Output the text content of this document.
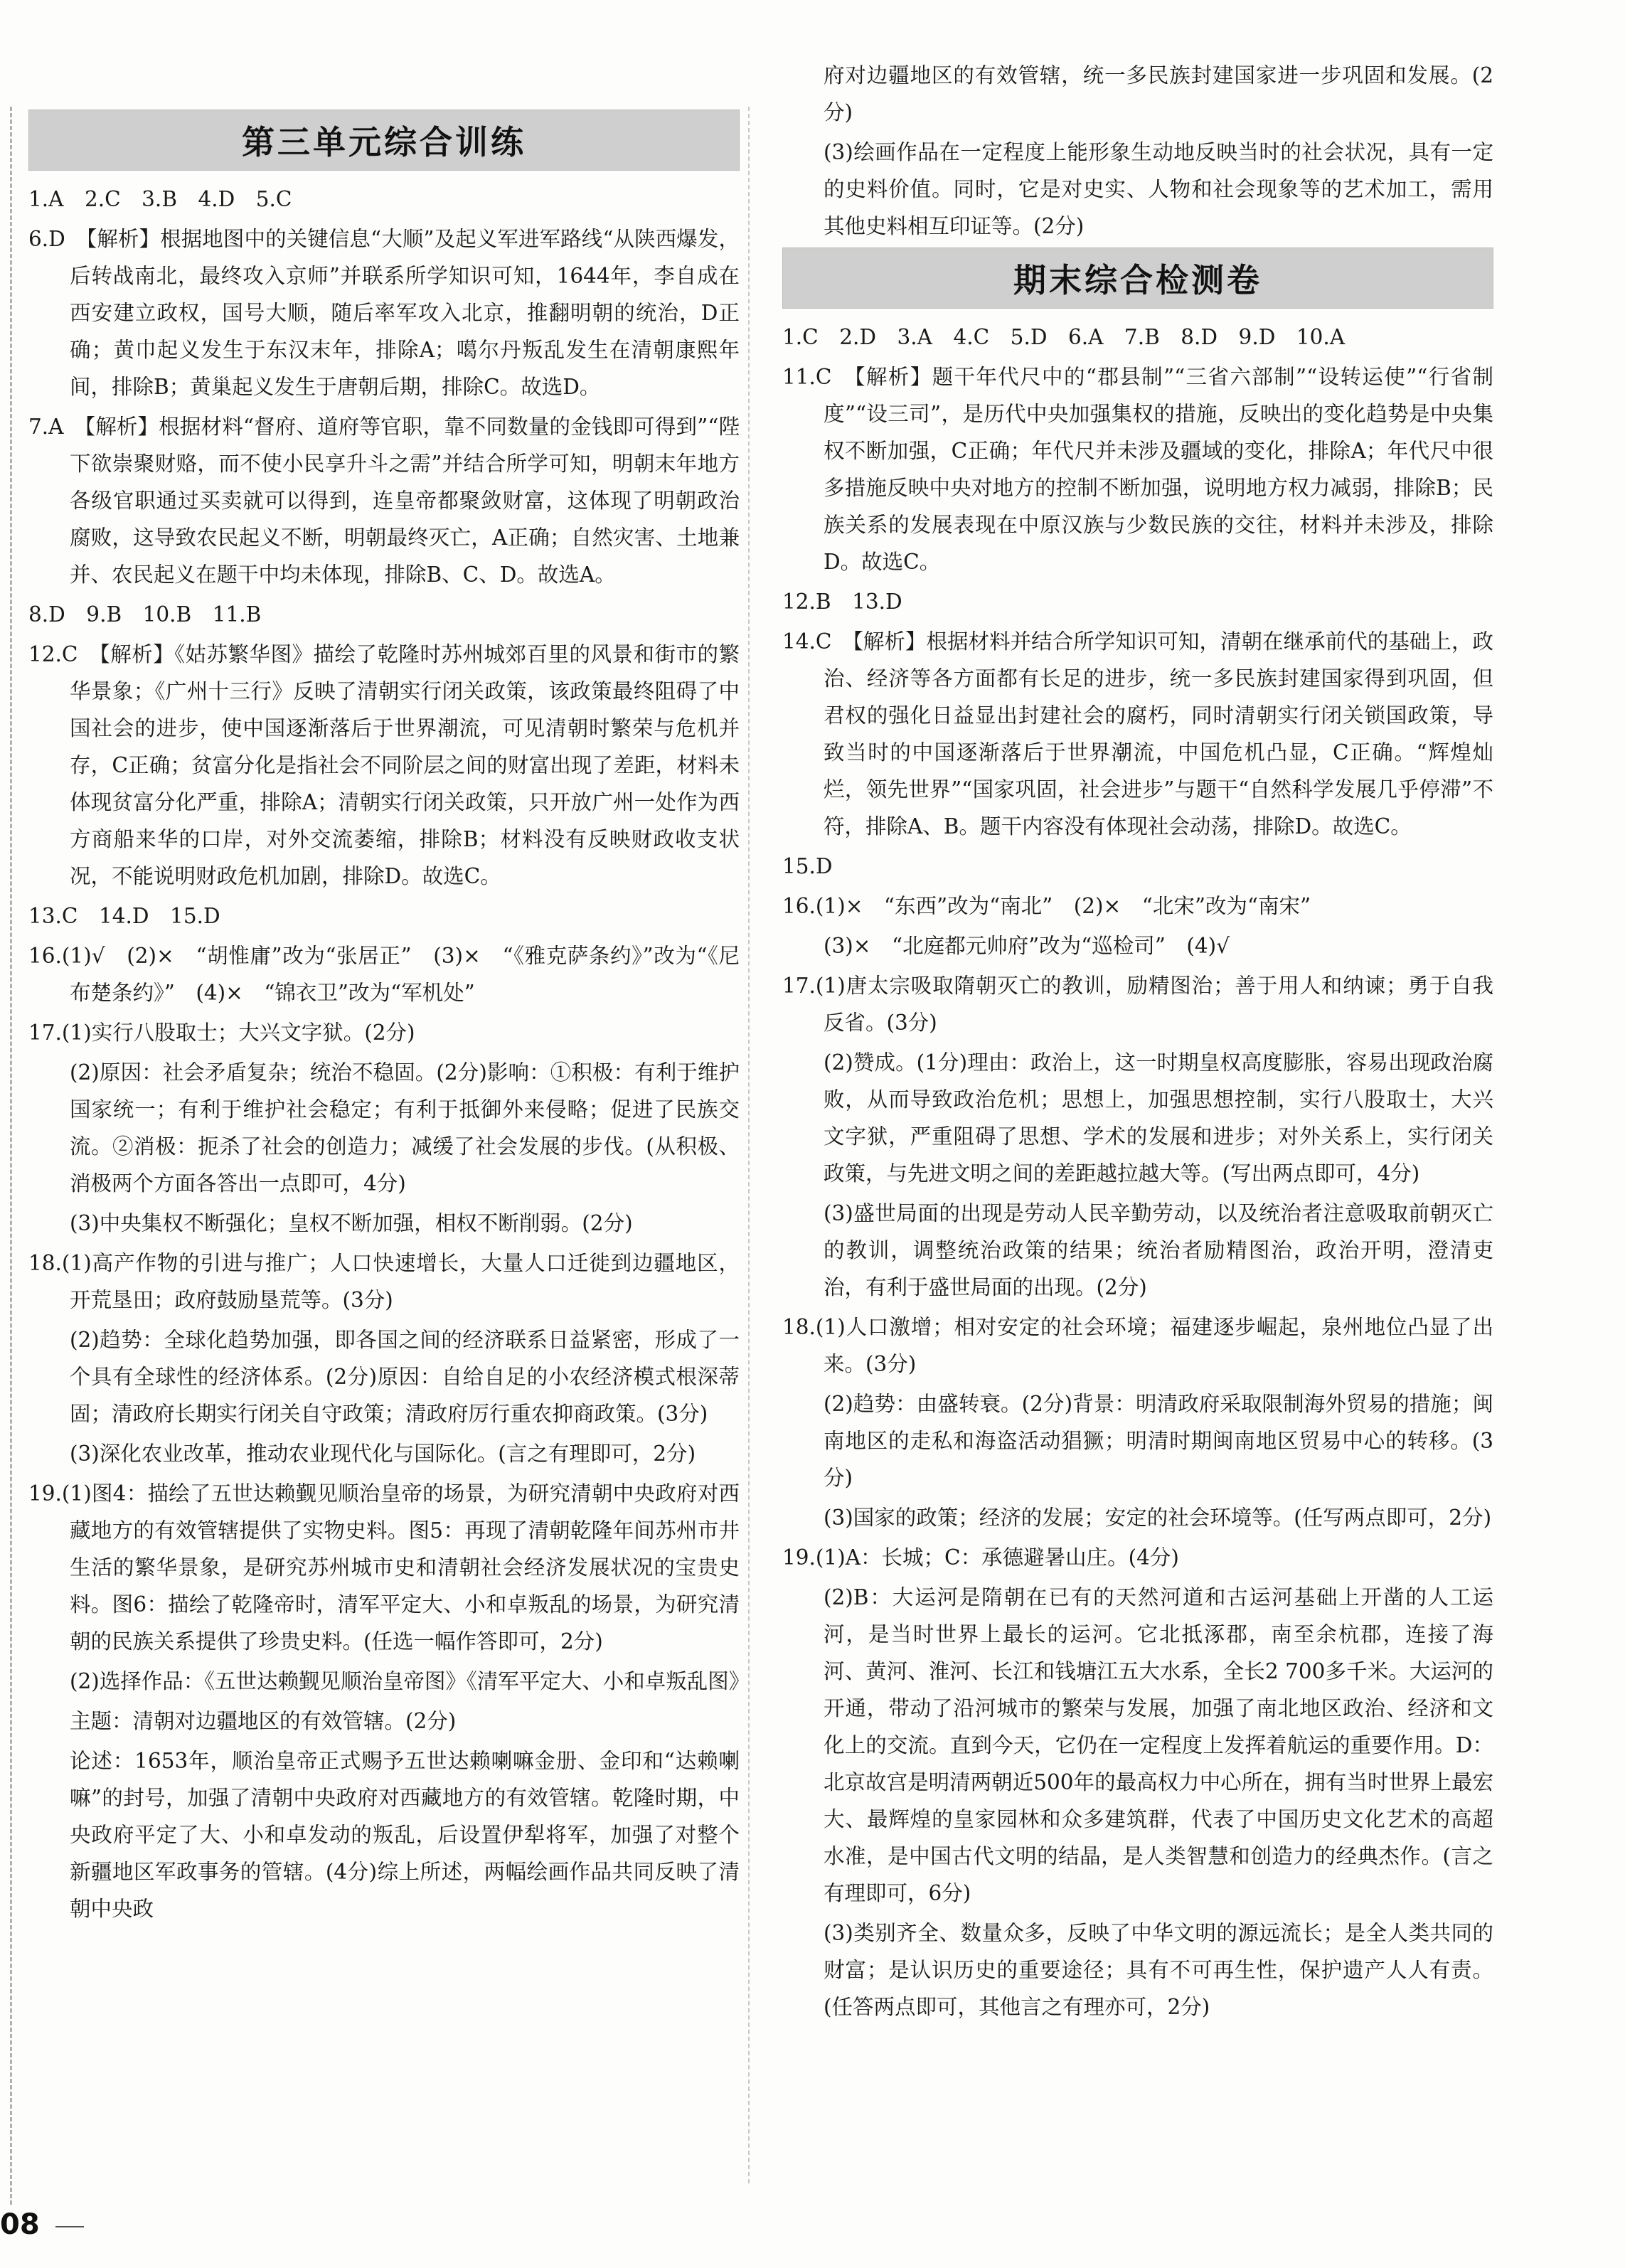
第三单元综合训练

1.A　2.C　3.B　4.D　5.C

6.D　【解析】根据地图中的关键信息“大顺”及起义军进军路线“从陕西爆发，后转战南北，最终攻入京师”并联系所学知识可知，1644年，李自成在西安建立政权，国号大顺，随后率军攻入北京，推翻明朝的统治，D正确；黄巾起义发生于东汉末年，排除A；噶尔丹叛乱发生在清朝康熙年间，排除B；黄巢起义发生于唐朝后期，排除C。故选D。

7.A　【解析】根据材料“督府、道府等官职，靠不同数量的金钱即可得到”“陛下欲崇聚财赂，而不使小民享升斗之需”并结合所学可知，明朝末年地方各级官职通过买卖就可以得到，连皇帝都聚敛财富，这体现了明朝政治腐败，这导致农民起义不断，明朝最终灭亡，A正确；自然灾害、土地兼并、农民起义在题干中均未体现，排除B、C、D。故选A。

8.D　9.B　10.B　11.B

12.C　【解析】《姑苏繁华图》描绘了乾隆时苏州城郊百里的风景和街市的繁华景象；《广州十三行》反映了清朝实行闭关政策，该政策最终阻碍了中国社会的进步，使中国逐渐落后于世界潮流，可见清朝时繁荣与危机并存，C正确；贫富分化是指社会不同阶层之间的财富出现了差距，材料未体现贫富分化严重，排除A；清朝实行闭关政策，只开放广州一处作为西方商船来华的口岸，对外交流萎缩，排除B；材料没有反映财政收支状况，不能说明财政危机加剧，排除D。故选C。

13.C　14.D　15.D

16.(1)√　(2)×　“胡惟庸”改为“张居正”　(3)×　“《雅克萨条约》”改为“《尼布楚条约》”　(4)×　“锦衣卫”改为“军机处”

17.(1)实行八股取士；大兴文字狱。(2分)

(2)原因：社会矛盾复杂；统治不稳固。(2分)影响：①积极：有利于维护国家统一；有利于维护社会稳定；有利于抵御外来侵略；促进了民族交流。②消极：扼杀了社会的创造力；减缓了社会发展的步伐。(从积极、消极两个方面各答出一点即可，4分)

(3)中央集权不断强化；皇权不断加强，相权不断削弱。(2分)

18.(1)高产作物的引进与推广；人口快速增长，大量人口迁徙到边疆地区，开荒垦田；政府鼓励垦荒等。(3分)

(2)趋势：全球化趋势加强，即各国之间的经济联系日益紧密，形成了一个具有全球性的经济体系。(2分)原因：自给自足的小农经济模式根深蒂固；清政府长期实行闭关自守政策；清政府厉行重农抑商政策。(3分)

(3)深化农业改革，推动农业现代化与国际化。(言之有理即可，2分)

19.(1)图4：描绘了五世达赖觐见顺治皇帝的场景，为研究清朝中央政府对西藏地方的有效管辖提供了实物史料。图5：再现了清朝乾隆年间苏州市井生活的繁华景象，是研究苏州城市史和清朝社会经济发展状况的宝贵史料。图6：描绘了乾隆帝时，清军平定大、小和卓叛乱的场景，为研究清朝的民族关系提供了珍贵史料。(任选一幅作答即可，2分)

(2)选择作品：《五世达赖觐见顺治皇帝图》《清军平定大、小和卓叛乱图》

主题：清朝对边疆地区的有效管辖。(2分)

论述：1653年，顺治皇帝正式赐予五世达赖喇嘛金册、金印和“达赖喇嘛”的封号，加强了清朝中央政府对西藏地方的有效管辖。乾隆时期，中央政府平定了大、小和卓发动的叛乱，后设置伊犁将军，加强了对整个新疆地区军政事务的管辖。(4分)综上所述，两幅绘画作品共同反映了清朝中央政

府对边疆地区的有效管辖，统一多民族封建国家进一步巩固和发展。(2分)

(3)绘画作品在一定程度上能形象生动地反映当时的社会状况，具有一定的史料价值。同时，它是对史实、人物和社会现象等的艺术加工，需用其他史料相互印证等。(2分)

期末综合检测卷

1.C　2.D　3.A　4.C　5.D　6.A　7.B　8.D　9.D　10.A

11.C　【解析】题干年代尺中的“郡县制”“三省六部制”“设转运使”“行省制度”“设三司”，是历代中央加强集权的措施，反映出的变化趋势是中央集权不断加强，C正确；年代尺并未涉及疆域的变化，排除A；年代尺中很多措施反映中央对地方的控制不断加强，说明地方权力减弱，排除B；民族关系的发展表现在中原汉族与少数民族的交往，材料并未涉及，排除D。故选C。

12.B　13.D

14.C　【解析】根据材料并结合所学知识可知，清朝在继承前代的基础上，政治、经济等各方面都有长足的进步，统一多民族封建国家得到巩固，但君权的强化日益显出封建社会的腐朽，同时清朝实行闭关锁国政策，导致当时的中国逐渐落后于世界潮流，中国危机凸显，C正确。“辉煌灿烂，领先世界”“国家巩固，社会进步”与题干“自然科学发展几乎停滞”不符，排除A、B。题干内容没有体现社会动荡，排除D。故选C。

15.D

16.(1)×　“东西”改为“南北”　(2)×　“北宋”改为“南宋”

(3)×　“北庭都元帅府”改为“巡检司”　(4)√

17.(1)唐太宗吸取隋朝灭亡的教训，励精图治；善于用人和纳谏；勇于自我反省。(3分)

(2)赞成。(1分)理由：政治上，这一时期皇权高度膨胀，容易出现政治腐败，从而导致政治危机；思想上，加强思想控制，实行八股取士，大兴文字狱，严重阻碍了思想、学术的发展和进步；对外关系上，实行闭关政策，与先进文明之间的差距越拉越大等。(写出两点即可，4分)

(3)盛世局面的出现是劳动人民辛勤劳动，以及统治者注意吸取前朝灭亡的教训，调整统治政策的结果；统治者励精图治，政治开明，澄清吏治，有利于盛世局面的出现。(2分)

18.(1)人口激增；相对安定的社会环境；福建逐步崛起，泉州地位凸显了出来。(3分)

(2)趋势：由盛转衰。(2分)背景：明清政府采取限制海外贸易的措施；闽南地区的走私和海盗活动猖獗；明清时期闽南地区贸易中心的转移。(3分)

(3)国家的政策；经济的发展；安定的社会环境等。(任写两点即可，2分)

19.(1)A：长城；C：承德避暑山庄。(4分)

(2)B：大运河是隋朝在已有的天然河道和古运河基础上开凿的人工运河，是当时世界上最长的运河。它北抵涿郡，南至余杭郡，连接了海河、黄河、淮河、长江和钱塘江五大水系，全长2 700多千米。大运河的开通，带动了沿河城市的繁荣与发展，加强了南北地区政治、经济和文化上的交流。直到今天，它仍在一定程度上发挥着航运的重要作用。D：北京故宫是明清两朝近500年的最高权力中心所在，拥有当时世界上最宏大、最辉煌的皇家园林和众多建筑群，代表了中国历史文化艺术的高超水准，是中国古代文明的结晶，是人类智慧和创造力的经典杰作。(言之有理即可，6分)

(3)类别齐全、数量众多，反映了中华文明的源远流长；是全人类共同的财富；是认识历史的重要途径；具有不可再生性，保护遗产人人有责。(任答两点即可，其他言之有理亦可，2分)

08
